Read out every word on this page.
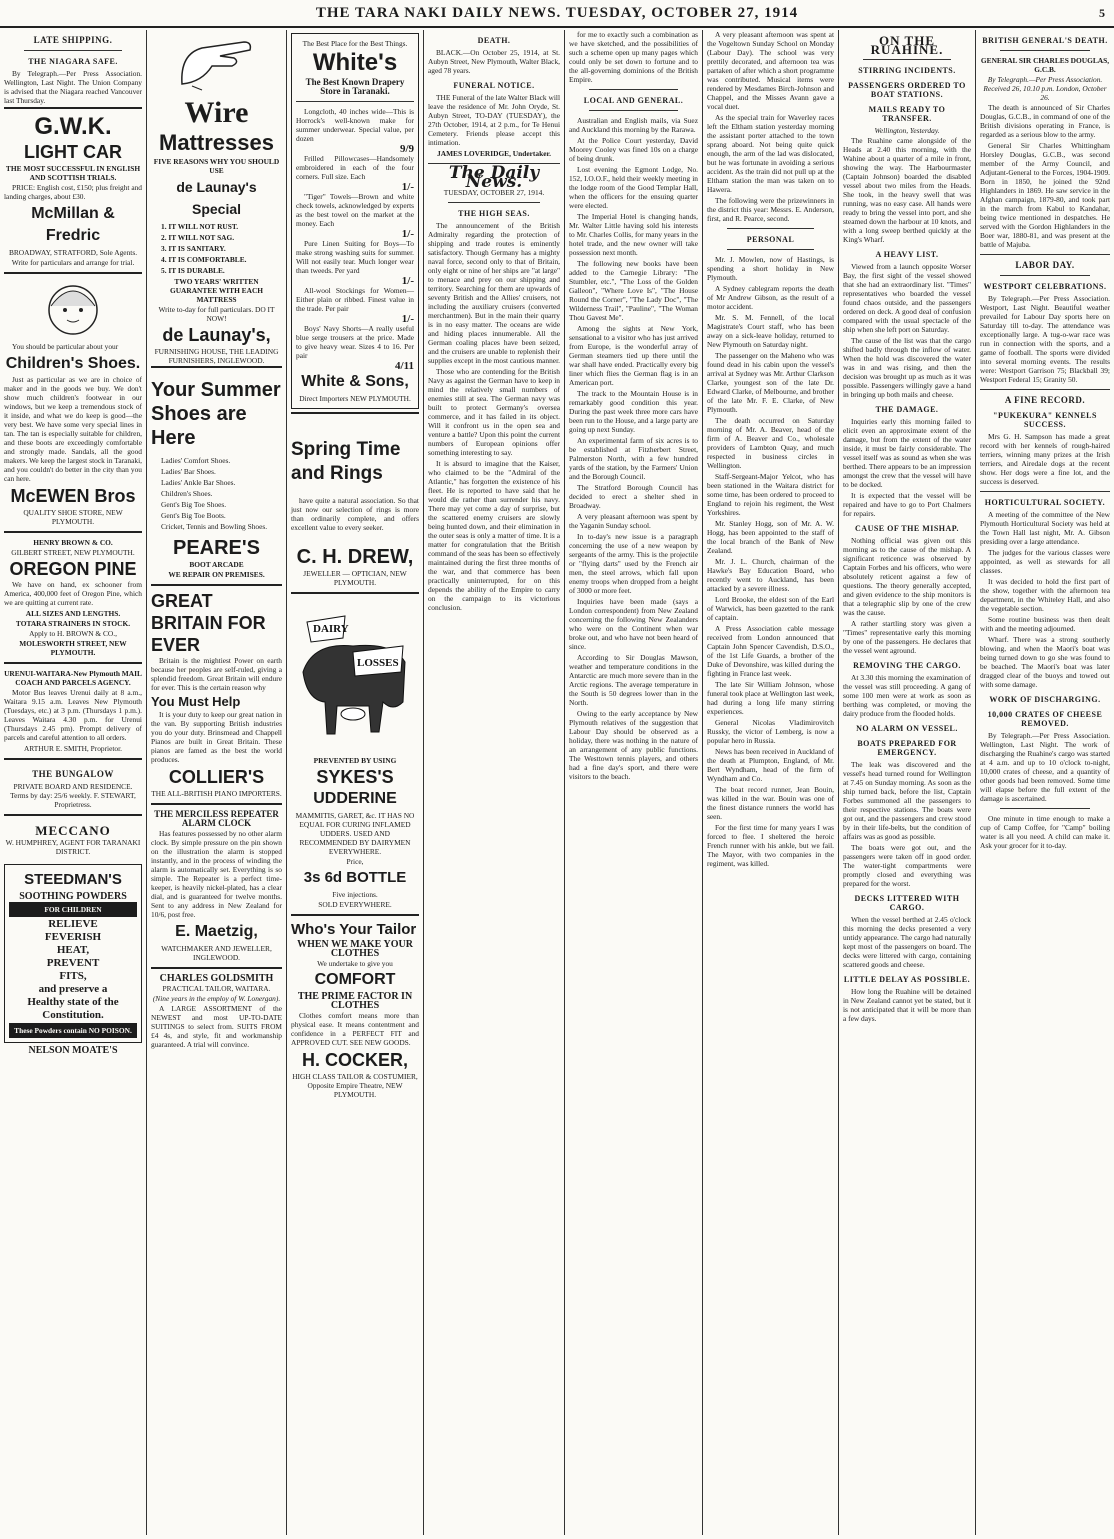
THE TARA NAKI DAILY NEWS. TUESDAY, OCTOBER 27, 1914	5
LATE SHIPPING.
THE NIAGARA SAFE.
By Telegraph.—Per Press Association. Wellington, Last Night. The Union Company is advised that the Niagara reached Vancouver last Thursday.
G.W.K.
LIGHT CAR
THE MOST SUCCESSFUL IN ENGLISH AND SCOTTISH TRIALS.
PRICE: English cost, £150; plus freight and landing charges, about £30.
McMillan & Fredric
BROADWAY, STRATFORD, Sole Agents.
Write for particulars and arrange for trial.
You should be particular about your
Children's Shoes.
Just as particular as we are in choice of maker and in the goods we buy. We don't show much children's footwear in our windows, but we keep a tremendous stock of it inside, and what we do keep is good—the very best. We have some very special lines in tan. The tan is especially suitable for children, and these boots are exceedingly comfortable and strongly made. Sandals, all the good makers. We keep the largest stock in Taranaki, and you couldn't do better in the city than you can here.
McEWEN Bros
QUALITY SHOE STORE, NEW PLYMOUTH.
HENRY BROWN & CO.
GILBERT STREET, NEW PLYMOUTH.
OREGON PINE
We have on hand, ex schooner from America, 400,000 feet of Oregon Pine, which we are quitting at current rate.
ALL SIZES AND LENGTHS.
TOTARA STRAINERS IN STOCK.
Apply to H. BROWN & CO.,
MOLESWORTH STREET, NEW PLYMOUTH.
URENUI-WAITARA-New Plymouth MAIL COACH AND PARCELS AGENCY.
Motor Bus leaves Urenui daily at 8 a.m., Waitara 9.15 a.m. Leaves New Plymouth (Tuesdays, etc.) at 3 p.m. (Thursdays 1 p.m.). Leaves Waitara 4.30 p.m. for Urenui (Thursdays 2.45 pm). Prompt delivery of parcels and careful attention to all orders.
ARTHUR E. SMITH, Proprietor.
THE BUNGALOW
PRIVATE BOARD AND RESIDENCE. Terms by day: 25/6 weekly. F. STEWART, Proprietress.
MECCANO
W. HUMPHREY, AGENT FOR TARANAKI DISTRICT.
STEEDMAN'S
SOOTHING POWDERS
FOR CHILDREN
RELIEVE
FEVERISH
HEAT,
PREVENT
FITS,
and preserve a
Healthy state of the
Constitution.
These Powders contain NO POISON.
NELSON MOATE'S
Wire
Mattresses
FIVE REASONS WHY YOU SHOULD USE
de Launay's Special
1. IT WILL NOT RUST.
2. IT WILL NOT SAG.
3. IT IS SANITARY.
4. IT IS COMFORTABLE.
5. IT IS DURABLE.
TWO YEARS' WRITTEN GUARANTEE WITH EACH MATTRESS
Write to-day for full particulars. DO IT NOW!
de Launay's,
FURNISHING HOUSE, THE LEADING FURNISHERS, INGLEWOOD.
Your Summer Shoes are Here
Ladies' Comfort Shoes.
Ladies' Bar Shoes.
Ladies' Ankle Bar Shoes.
Children's Shoes.
Gent's Big Toe Shoes.
Gent's Big Toe Boots.
Cricket, Tennis and Bowling Shoes.
PEARE'S
BOOT ARCADE
WE REPAIR ON PREMISES.
GREAT BRITAIN FOR EVER
Britain is the mightiest Power on earth because her peoples are self-ruled, giving a splendid freedom. Great Britain will endure for ever. This is the certain reason why
You Must Help
It is your duty to keep our great nation in the van. By supporting British industries you do your duty. Brinsmead and Chappell Pianos are built in Great Britain. These pianos are famed as the best the world produces.
COLLIER'S
THE ALL-BRITISH PIANO IMPORTERS.
THE MERCILESS REPEATER ALARM CLOCK
Has features possessed by no other alarm clock. By simple pressure on the pin shown on the illustration the alarm is stopped instantly, and in the process of winding the alarm is automatically set. Everything is so simple. The Repeater is a perfect time-keeper, is heavily nickel-plated, has a clear dial, and is guaranteed for twelve months. Sent to any address in New Zealand for 10/6, post free.
E. Maetzig,
WATCHMAKER AND JEWELLER, INGLEWOOD.
CHARLES GOLDSMITH
PRACTICAL TAILOR, WAITARA.
(Nine years in the employ of W. Lonergan).
A LARGE ASSORTMENT of the NEWEST and most UP-TO-DATE SUITINGS to select from. SUITS FROM £4 4s, and style, fit and workmanship guaranteed. A trial will convince.
The Best Place for the Best Things.
White's
The Best Known Drapery Store in Taranaki.
Longcloth, 40 inches wide—This is Horrock's well-known make for summer underwear. Special value, per dozen
9/9
Frilled Pillowcases—Handsomely embroidered in each of the four corners. Full size. Each
1/-
"Tiger" Towels—Brown and white check towels, acknowledged by experts as the best towel on the market at the money. Each
1/-
Pure Linen Suiting for Boys—To make strong washing suits for summer. Will not easily tear. Much longer wear than tweeds. Per yard
1/-
All-wool Stockings for Women—Either plain or ribbed. Finest value in the trade. Per pair
1/-
Boys' Navy Shorts—A really useful blue serge trousers at the price. Made to give heavy wear. Sizes 4 to 16. Per pair
4/11
White & Sons,
Direct Importers NEW PLYMOUTH.
Spring Time and Rings
have quite a natural association. So that just now our selection of rings is more than ordinarily complete, and offers excellent value to every seeker.
C. H. DREW,
JEWELLER — OPTICIAN, NEW PLYMOUTH.
DAIRY
LOSSES
PREVENTED BY USING
SYKES'S
UDDERINE
MAMMITIS, GARET, &c. IT HAS NO EQUAL FOR CURING INFLAMED UDDERS. USED AND RECOMMENDED BY DAIRYMEN EVERYWHERE.
Price,
3s 6d BOTTLE
Five injections.
SOLD EVERYWHERE.
Who's Your Tailor
WHEN WE MAKE YOUR CLOTHES
We undertake to give you
COMFORT
THE PRIME FACTOR IN CLOTHES
Clothes comfort means more than physical ease. It means contentment and confidence in a PERFECT FIT and APPROVED CUT. SEE NEW GOODS.
H. COCKER,
HIGH CLASS TAILOR & COSTUMIER, Opposite Empire Theatre, NEW PLYMOUTH.
DEATH.
BLACK.—On October 25, 1914, at St. Aubyn Street, New Plymouth, Walter Black, aged 78 years.
FUNERAL NOTICE.
THE Funeral of the late Walter Black will leave the residence of Mr. John Oryde, St. Aubyn Street, TO-DAY (TUESDAY), the 27th October, 1914, at 2 p.m., for Te Henui Cemetery. Friends please accept this intimation.
JAMES LOVERIDGE, Undertaker.
The Daily News.
TUESDAY, OCTOBER 27, 1914.
THE HIGH SEAS.
The announcement of the British Admiralty regarding the protection of shipping and trade routes is eminently satisfactory. Though Germany has a mighty naval force, second only to that of Britain, only eight or nine of her ships are "at large" to menace and prey on our shipping and territory. Searching for them are upwards of seventy British and the Allies' cruisers, not including the auxiliary cruisers (converted merchantmen). But in the main their quarry is in no easy matter. The oceans are wide and hiding places innumerable. All the German coaling places have been seized, and the cruisers are unable to replenish their supplies except in the most cautious manner.
Those who are contending for the British Navy as against the German have to keep in mind the relatively small numbers of enemies still at sea. The German navy was built to protect Germany's oversea commerce, and it has failed in its object. Will it confront us in the open sea and venture a battle? Upon this point the current numbers of European opinions offer something interesting to say.
It is absurd to imagine that the Kaiser, who claimed to be the "Admiral of the Atlantic," has forgotten the existence of his fleet. He is reported to have said that he would die rather than surrender his navy. There may yet come a day of surprise, but the scattered enemy cruisers are slowly being hunted down, and their elimination in the outer seas is only a matter of time. It is a matter for congratulation that the British command of the seas has been so effectively maintained during the first three months of the war, and that commerce has been practically uninterrupted, for on this depends the ability of the Empire to carry on the campaign to its victorious conclusion.
for me to exactly such a combination as we have sketched, and the possibilities of such a scheme open up many pages which could only be set down to fortune and to the all-governing dominions of the British Empire.
LOCAL AND GENERAL.
Australian and English mails, via Suez and Auckland this morning by the Rarawa.
At the Police Court yesterday, David Moorey Cooley was fined 10s on a charge of being drunk.
Lost evening the Egmont Lodge, No. 152, I.O.O.F., held their weekly meeting in the lodge room of the Good Templar Hall, when the officers for the ensuing quarter were elected.
The Imperial Hotel is changing hands, Mr. Walter Little having sold his interests to Mr. Charles Collis, for many years in the hotel trade, and the new owner will take possession next month.
The following new books have been added to the Carnegie Library: "The Stumbler, etc.", "The Loss of the Golden Galleon", "Where Love Is", "The House Round the Corner", "The Lady Doc", "The Wilderness Trail", "Pauline", "The Woman Thou Gavest Me".
Among the sights at New York, sensational to a visitor who has just arrived from Europe, is the wonderful array of German steamers tied up there until the war shall have ended. Practically every big liner which flies the German flag is in an American port.
The track to the Mountain House is in remarkably good condition this year. During the past week three more cars have been run to the House, and a large party are going up next Sunday.
An experimental farm of six acres is to be established at Fitzherbert Street, Palmerston North, with a few hundred yards of the station, by the Farmers' Union and the Borough Council.
The Stratford Borough Council has decided to erect a shelter shed in Broadway.
A very pleasant afternoon was spent by the Yaganin Sunday school.
In to-day's new issue is a paragraph concerning the use of a new weapon by sergeants of the army. This is the projectile or "flying darts" used by the French air men, the steel arrows, which fall upon enemy troops when dropped from a height of 3000 or more feet.
Inquiries have been made (says a London correspondent) from New Zealand concerning the following New Zealanders who were on the Continent when war broke out, and who have not been heard of since.
According to Sir Douglas Mawson, weather and temperature conditions in the Antarctic are much more severe than in the Arctic regions. The average temperature in the South is 50 degrees lower than in the North.
Owing to the early acceptance by New Plymouth relatives of the suggestion that Labour Day should be observed as a holiday, there was nothing in the nature of an arrangement of any public functions. The Westtown tennis players, and others had a fine day's sport, and there were visitors to the beach.
A very pleasant afternoon was spent at the Vogeltown Sunday School on Monday (Labour Day). The school was very prettily decorated, and afternoon tea was partaken of after which a short programme was contributed. Musical items were rendered by Mesdames Birch-Johnson and Chappel, and the Misses Avann gave a vocal duet.
As the special train for Waverley races left the Eltham station yesterday morning the assistant porter attached to the town sprang aboard. Not being quite quick enough, the arm of the lad was dislocated, but he was fortunate in avoiding a serious accident. As the train did not pull up at the Eltham station the man was taken on to Hawera.
The following were the prizewinners in the district this year: Messrs. E. Anderson, first, and R. Pearce, second.
PERSONAL
Mr. J. Mowlen, now of Hastings, is spending a short holiday in New Plymouth.
A Sydney cablegram reports the death of Mr Andrew Gibson, as the result of a motor accident.
Mr. S. M. Fennell, of the local Magistrate's Court staff, who has been away on a sick-leave holiday, returned to New Plymouth on Saturday night.
The passenger on the Maheno who was found dead in his cabin upon the vessel's arrival at Sydney was Mr. Arthur Clarkson Clarke, youngest son of the late Dr. Edward Clarke, of Melbourne, and brother of the late Mr. F. E. Clarke, of New Plymouth.
The death occurred on Saturday morning of Mr. A. Beaver, head of the firm of A. Beaver and Co., wholesale providers of Lambton Quay, and much respected in business circles in Wellington.
Staff-Sergeant-Major Yelcot, who has been stationed in the Waitara district for some time, has been ordered to proceed to England to rejoin his regiment, the West Yorkshires.
Mr. Stanley Hogg, son of Mr. A. W. Hogg, has been appointed to the staff of the local branch of the Bank of New Zealand.
Mr. J. L. Church, chairman of the Hawke's Bay Education Board, who recently went to Auckland, has been attacked by a severe illness.
Lord Brooke, the eldest son of the Earl of Warwick, has been gazetted to the rank of captain.
A Press Association cable message received from London announced that Captain John Spencer Cavendish, D.S.O., of the 1st Life Guards, a brother of the Duke of Devonshire, was killed during the fighting in France last week.
The late Sir William Johnson, whose funeral took place at Wellington last week, had during a long life many stirring experiences.
General Nicolas Vladimirovitch Russky, the victor of Lemberg, is now a popular hero in Russia.
News has been received in Auckland of the death at Plumpton, England, of Mr. Bert Wyndham, head of the firm of Wyndham and Co.
The boat record runner, Jean Bouin, was killed in the war. Bouin was one of the finest distance runners the world has seen.
For the first time for many years I was forced to flee. I sheltered the heroic French runner with his ankle, but we fail. The Mayor, with two companies in the regiment, was killed.
ON THE RUAHINE.
STIRRING INCIDENTS.
PASSENGERS ORDERED TO BOAT STATIONS.
MAILS READY TO TRANSFER.
Wellington, Yesterday.
The Ruahine came alongside of the Heads at 2.40 this morning, with the Wahine about a quarter of a mile in front, showing the way. The Harbourmaster (Captain Johnson) boarded the disabled vessel about two miles from the Heads. She took, in the heavy swell that was running, was no easy case. All hands were ready to bring the vessel into port, and she steamed down the harbour at 10 knots, and with a long sweep berthed quickly at the King's Wharf.
A HEAVY LIST.
Viewed from a launch opposite Worser Bay, the first sight of the vessel showed that she had an extraordinary list. "Times" representatives who boarded the vessel found chaos outside, and the passengers ordered on deck. A good deal of confusion compared with the usual spectacle of the ship when she left port on Saturday.
The cause of the list was that the cargo shifted badly through the inflow of water. When the hold was discovered the water was in and was rising, and then the decision was brought up as much as it was possible. Passengers willingly gave a hand in bringing up both mails and cheese.
THE DAMAGE.
Inquiries early this morning failed to elicit even an approximate extent of the damage, but from the extent of the water inside, it must be fairly considerable. The vessel itself was as sound as when she was berthed. There appears to be an impression amongst the crew that the vessel will have to be docked.
It is expected that the vessel will be repaired and have to go to Port Chalmers for repairs.
CAUSE OF THE MISHAP.
Nothing official was given out this morning as to the cause of the mishap. A significant reticence was observed by Captain Forbes and his officers, who were absolutely reticent against a few of questions. The theory generally accepted, and given evidence to the ship monitors is that a telegraphic slip by one of the crew was the cause.
A rather startling story was given a "Times" representative early this morning by one of the passengers. He declares that the vessel went aground.
REMOVING THE CARGO.
At 3.30 this morning the examination of the vessel was still proceeding. A gang of some 100 men were at work as soon as berthing was completed, or moving the dairy produce from the flooded holds.
NO ALARM ON VESSEL.
BOATS PREPARED FOR EMERGENCY.
The leak was discovered and the vessel's head turned round for Wellington at 7.45 on Sunday morning. As soon as the ship turned back, before the list, Captain Forbes summoned all the passengers to their respective stations. The boats were got out, and the passengers and crew stood by in their life-belts, but the condition of affairs was as good as possible.
The boats were got out, and the passengers were taken off in good order. The water-tight compartments were promptly closed and everything was prepared for the worst.
DECKS LITTERED WITH CARGO.
When the vessel berthed at 2.45 o'clock this morning the decks presented a very untidy appearance. The cargo had naturally kept most of the passengers on board. The decks were littered with cargo, containing scattered goods and cheese.
LITTLE DELAY AS POSSIBLE.
How long the Ruahine will be detained in New Zealand cannot yet be stated, but it is not anticipated that it will be more than a few days.
BRITISH GENERAL'S DEATH.
GENERAL SIR CHARLES DOUGLAS, G.C.B.
By Telegraph.—Per Press Association. Received 26, 10.10 p.m. London, October 26.
The death is announced of Sir Charles Douglas, G.C.B., in command of one of the British divisions operating in France, is regarded as a serious blow to the army.
General Sir Charles Whittingham Horsley Douglas, G.C.B., was second member of the Army Council, and Adjutant-General to the Forces, 1904-1909. Born in 1850, he joined the 92nd Highlanders in 1869. He saw service in the Afghan campaign, 1879-80, and took part in the march from Kabul to Kandahar, being twice mentioned in despatches. He served with the Gordon Highlanders in the Boer war, 1880-81, and was present at the battle of Majuba.
LABOR DAY.
WESTPORT CELEBRATIONS.
By Telegraph.—Per Press Association. Westport, Last Night. Beautiful weather prevailed for Labour Day sports here on Saturday till to-day. The attendance was exceptionally large. A tug-o-war race was run in connection with the sports, and a game of football. The sports were divided into several morning events. The results were: Westport Garrison 75; Blackball 39; Westport Federal 15; Granity 50.
A FINE RECORD.
"PUKEKURA" KENNELS SUCCESS.
Mrs G. H. Sampson has made a great record with her kennels of rough-haired terriers, winning many prizes at the Irish terriers, and Airedale dogs at the recent show. Her dogs were a fine lot, and the success is deserved.
HORTICULTURAL SOCIETY.
A meeting of the committee of the New Plymouth Horticultural Society was held at the Town Hall last night, Mr. A. Gibson presiding over a large attendance.
The judges for the various classes were appointed, as well as stewards for all classes.
It was decided to hold the first part of the show, together with the afternoon tea department, in the Whiteley Hall, and also the vegetable section.
Some routine business was then dealt with and the meeting adjourned.
Wharf. There was a strong southerly blowing, and when the Maori's boat was being turned down to go she was found to be beached. The Maori's boat was later dragged clear of the buoys and towed out with some damage.
WORK OF DISCHARGING.
10,000 CRATES OF CHEESE REMOVED.
By Telegraph.—Per Press Association. Wellington, Last Night. The work of discharging the Ruahine's cargo was started at 4 a.m. and up to 10 o'clock to-night, 10,000 crates of cheese, and a quantity of other goods had been removed. Some time will elapse before the full extent of the damage is ascertained.
One minute in time enough to make a cup of Camp Coffee, for "Camp" boiling water is all you need. A child can make it. Ask your grocer for it to-day.
